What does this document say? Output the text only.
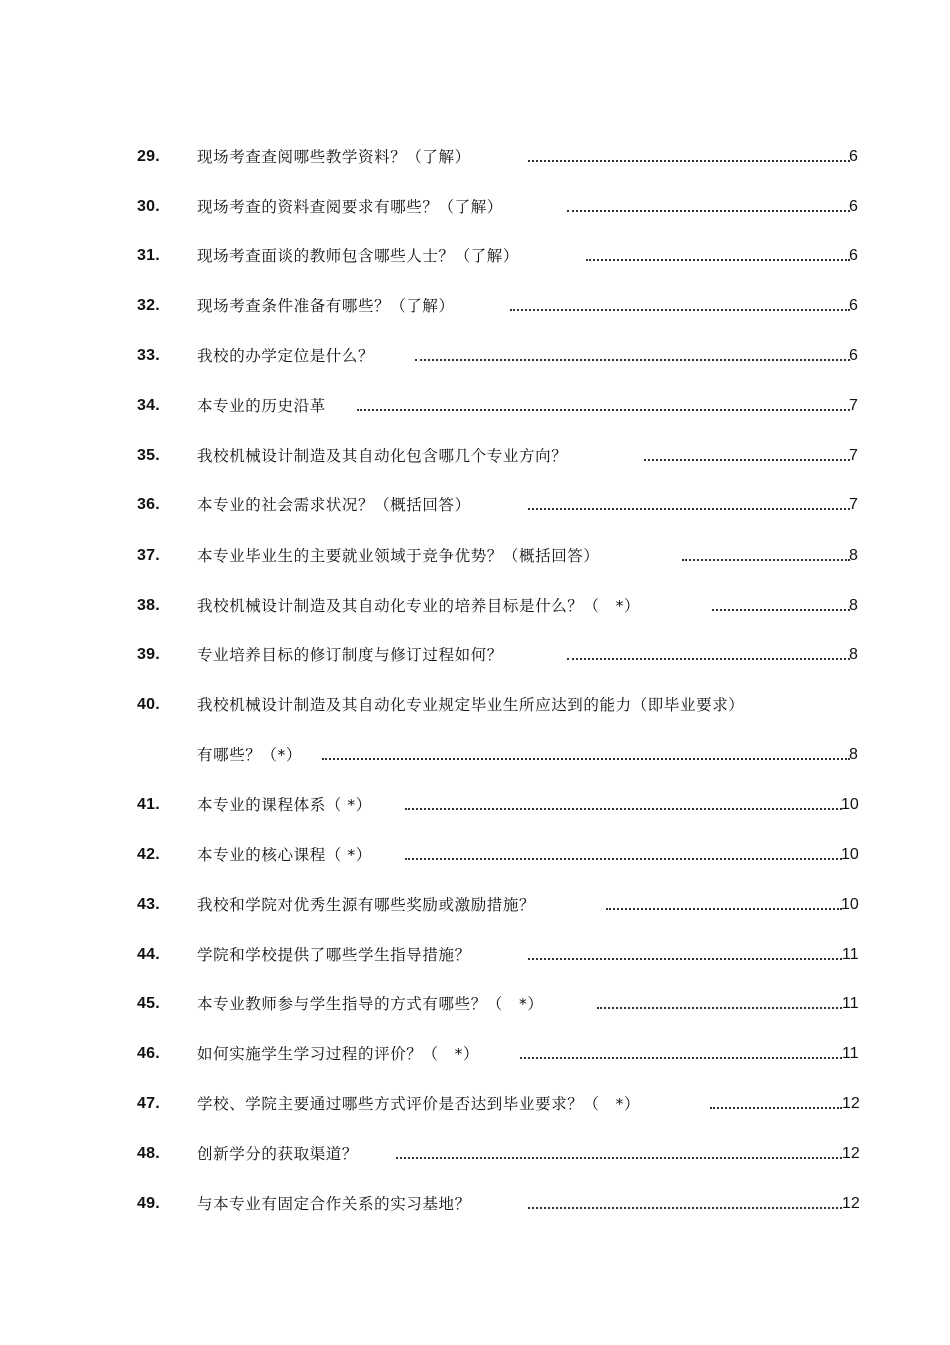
29. 现场考查查阅哪些教学资料？（了解）	6
30. 现场考查的资料查阅要求有哪些？（了解）	6
31. 现场考查面谈的教师包含哪些人士？（了解）	6
32. 现场考查条件准备有哪些？（了解）	6
33. 我校的办学定位是什么？	6
34. 本专业的历史沿革	7
35. 我校机械设计制造及其自动化包含哪几个专业方向？	7
36. 本专业的社会需求状况？（概括回答）	7
37. 本专业毕业生的主要就业领域于竞争优势？（概括回答）	8
38. 我校机械设计制造及其自动化专业的培养目标是什么？（　*）	8
39. 专业培养目标的修订制度与修订过程如何？	8
40. 我校机械设计制造及其自动化专业规定毕业生所应达到的能力（即毕业要求）
有哪些？（*）	8
41. 本专业的课程体系（ *）	10
42. 本专业的核心课程（ *）	10
43. 我校和学院对优秀生源有哪些奖励或激励措施？	10
44. 学院和学校提供了哪些学生指导措施？	11
45. 本专业教师参与学生指导的方式有哪些？（　*）	11
46. 如何实施学生学习过程的评价？（　*）	11
47. 学校、学院主要通过哪些方式评价是否达到毕业要求？（　*）	12
48. 创新学分的获取渠道？	12
49. 与本专业有固定合作关系的实习基地？	12
